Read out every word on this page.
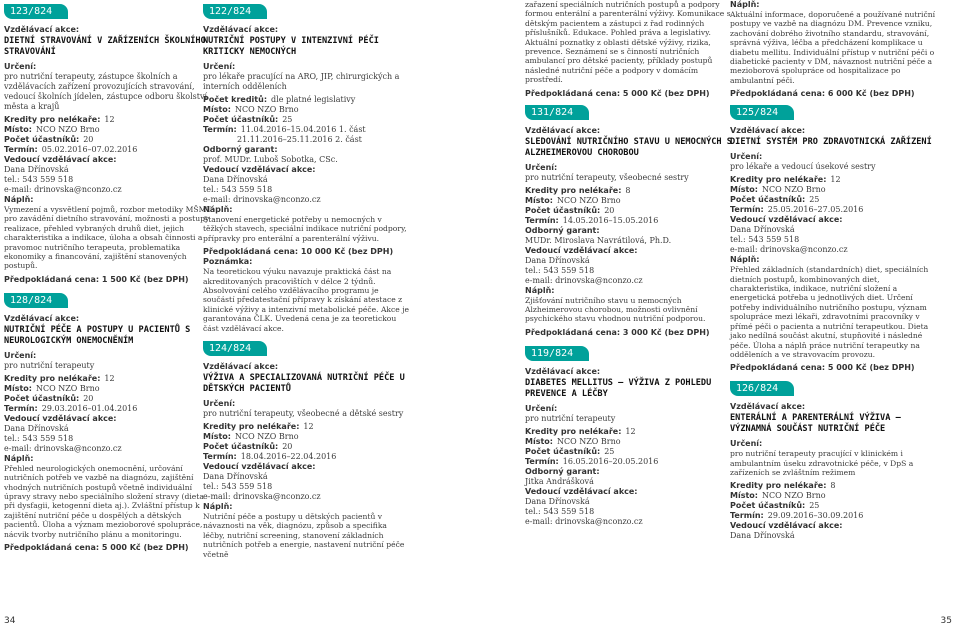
123/824
Vzdělávací akce:
DIETNÍ STRAVOVÁNÍ V ZAŘÍZENÍCH ŠKOLNÍHO STRAVOVÁNÍ
Určení:
pro nutriční terapeuty, zástupce školních a vzdělávacích zařízení provozujících stravování, vedoucí školních jídelen, zástupce odboru školství města a krajů
Kredity pro nelékaře: 12
Místo: NCO NZO Brno
Počet účastníků: 20
Termín: 05.02.2016–07.02.2016
Vedoucí vzdělávací akce:
Dana Dřínovská
tel.: 543 559 518
e-mail: drinovska@nconzo.cz
Náplň:
Vymezení a vysvětlení pojmů, rozbor metodiky MŠMT pro zavádění dietního stravování, možnosti a postupy realizace, přehled vybraných druhů diet, jejich charakteristika a indikace, úloha a obsah činnosti a pravomoc nutričního terapeuta, problematika ekonomiky a financování, zajištění stanovených postupů.
Předpokládaná cena: 1 500 Kč (bez DPH)
128/824
Vzdělávací akce:
NUTRIČNÍ PÉČE A POSTUPY U PACIENTŮ S NEUROLOGICKÝM ONEMOCNĚNÍM
Určení:
pro nutriční terapeuty
Kredity pro nelékaře: 12
Místo: NCO NZO Brno
Počet účastníků: 20
Termín: 29.03.2016–01.04.2016
Vedoucí vzdělávací akce:
Dana Dřínovská
tel.: 543 559 518
e-mail: drinovska@nconzo.cz
Náplň:
Přehled neurologických onemocnění, určování nutričních potřeb ve vazbě na diagnózu, zajištění vhodných nutričních postupů včetně individuální úpravy stravy nebo speciálního složení stravy (dieta při dysfagii, ketogenní dieta aj.). Zvláštní přístup k zajištění nutriční péče u dospělých a dětských pacientů. Úloha a význam mezioborové spolupráce, nácvik tvorby nutričního plánu a monitoringu.
Předpokládaná cena: 5 000 Kč (bez DPH)
122/824
Vzdělávací akce:
NUTRIČNÍ POSTUPY V INTENZIVNÍ PÉČI KRITICKY NEMOCNÝCH
Určení:
pro lékaře pracující na ARO, JIP, chirurgických a interních odděleních
Počet kreditů: dle platné legislativy
Místo: NCO NZO Brno
Počet účastníků: 25
Termín: 11.04.2016–15.04.2016 1. část
21.11.2016–25.11.2016 2. část
Odborný garant:
prof. MUDr. Luboš Sobotka, CSc.
Vedoucí vzdělávací akce:
Dana Dřínovská
tel.: 543 559 518
e-mail: drinovska@nconzo.cz
Náplň:
Stanovení energetické potřeby u nemocných v těžkých stavech, speciální indikace nutriční podpory, přípravky pro enterální a parenterální výživu.
Předpokládaná cena: 10 000 Kč (bez DPH)
Poznámka:
Na teoretickou výuku navazuje praktická část na akreditovaných pracovištích v délce 2 týdnů. Absolvování celého vzdělávacího programu je součástí předatestační přípravy k získání atestace z klinické výživy a intenzivní metabolické péče. Akce je garantována ČLK. Uvedená cena je za teoretickou část vzdělávací akce.
124/824
Vzdělávací akce:
VÝŽIVA A SPECIALIZOVANÁ NUTRIČNÍ PÉČE U DĚTSKÝCH PACIENTŮ
Určení:
pro nutriční terapeuty, všeobecné a dětské sestry
Kredity pro nelékaře: 12
Místo: NCO NZO Brno
Počet účastníků: 20
Termín: 18.04.2016–22.04.2016
Vedoucí vzdělávací akce:
Dana Dřínovská
tel.: 543 559 518
e-mail: drinovska@nconzo.cz
Náplň:
Nutriční péče a postupy u dětských pacientů v návaznosti na věk, diagnózu, způsob a specifika léčby, nutriční screening, stanovení základních nutričních potřeb a energie, nastavení nutriční péče včetně
zařazení speciálních nutričních postupů a podpory formou enterální a parenterální výživy. Komunikace s dětským pacientem a zástupci z řad rodinných příslušníků. Edukace. Pohled práva a legislativy. Aktuální poznatky z oblasti dětské výživy, rizika, prevence. Seznámení se s činností nutričních ambulancí pro dětské pacienty, příklady postupů následné nutriční péče a podpory v domácím prostředí.
Předpokládaná cena: 5 000 Kč (bez DPH)
131/824
Vzdělávací akce:
SLEDOVÁNÍ NUTRIČNÍHO STAVU U NEMOCNÝCH S ALZHEIMEROVOU CHOROBOU
Určení:
pro nutriční terapeuty, všeobecné sestry
Kredity pro nelékaře: 8
Místo: NCO NZO Brno
Počet účastníků: 20
Termín: 14.05.2016–15.05.2016
Odborný garant:
MUDr. Miroslava Navrátilová, Ph.D.
Vedoucí vzdělávací akce:
Dana Dřínovská
tel.: 543 559 518
e-mail: drinovska@nconzo.cz
Náplň:
Zjišťování nutričního stavu u nemocných Alzheimerovou chorobou, možnosti ovlivnění psychického stavu vhodnou nutriční podporou.
Předpokládaná cena: 3 000 Kč (bez DPH)
119/824
Vzdělávací akce:
DIABETES MELLITUS – VÝŽIVA Z POHLEDU PREVENCE A LÉČBY
Určení:
pro nutriční terapeuty
Kredity pro nelékaře: 12
Místo: NCO NZO Brno
Počet účastníků: 25
Termín: 16.05.2016–20.05.2016
Odborný garant:
Jitka Andrášková
Vedoucí vzdělávací akce:
Dana Dřínovská
tel.: 543 559 518
e-mail: drinovska@nconzo.cz
Náplň:
Aktuální informace, doporučené a používané nutriční postupy ve vazbě na diagnózu DM. Prevence vzniku, zachování dobrého životního standardu, stravování, správná výživa, léčba a předcházení komplikace u diabetu mellitu. Individuální přístup v nutriční péči o diabetické pacienty v DM, návaznost nutriční péče a mezioborová spolupráce od hospitalizace po ambulantní péči.
Předpokládaná cena: 6 000 Kč (bez DPH)
125/824
Vzdělávací akce:
DIETNÍ SYSTÉM PRO ZDRAVOTNICKÁ ZAŘÍZENÍ
Určení:
pro lékaře a vedoucí úsekové sestry
Kredity pro nelékaře: 12
Místo: NCO NZO Brno
Počet účastníků: 25
Termín: 25.05.2016–27.05.2016
Vedoucí vzdělávací akce:
Dana Dřínovská
tel.: 543 559 518
e-mail: drinovska@nconzo.cz
Náplň:
Přehled základních (standardních) diet, speciálních dietních postupů, kombinovaných diet, charakteristika, indikace, nutriční složení a energetická potřeba u jednotlivých diet. Určení potřeby individuálního nutričního postupu, význam spolupráce mezi lékaři, zdravotními pracovníky v přímé péči o pacienta a nutriční terapeutkou. Dieta jako nedílná součást akutní, stupňovité i následné péče. Úloha a náplň práce nutriční terapeutky na odděleních a ve stravovacím provozu.
Předpokládaná cena: 5 000 Kč (bez DPH)
126/824
Vzdělávací akce:
ENTERÁLNÍ A PARENTERÁLNÍ VÝŽIVA – VÝZNAMNÁ SOUČÁST NUTRIČNÍ PÉČE
Určení:
pro nutriční terapeuty pracující v klinickém i ambulantním úseku zdravotnické péče, v DpS a zařízeních se zvláštním režimem
Kredity pro nelékaře: 8
Místo: NCO NZO Brno
Počet účastníků: 25
Termín: 29.09.2016–30.09.2016
Vedoucí vzdělávací akce:
Dana Dřínovská
34	35
